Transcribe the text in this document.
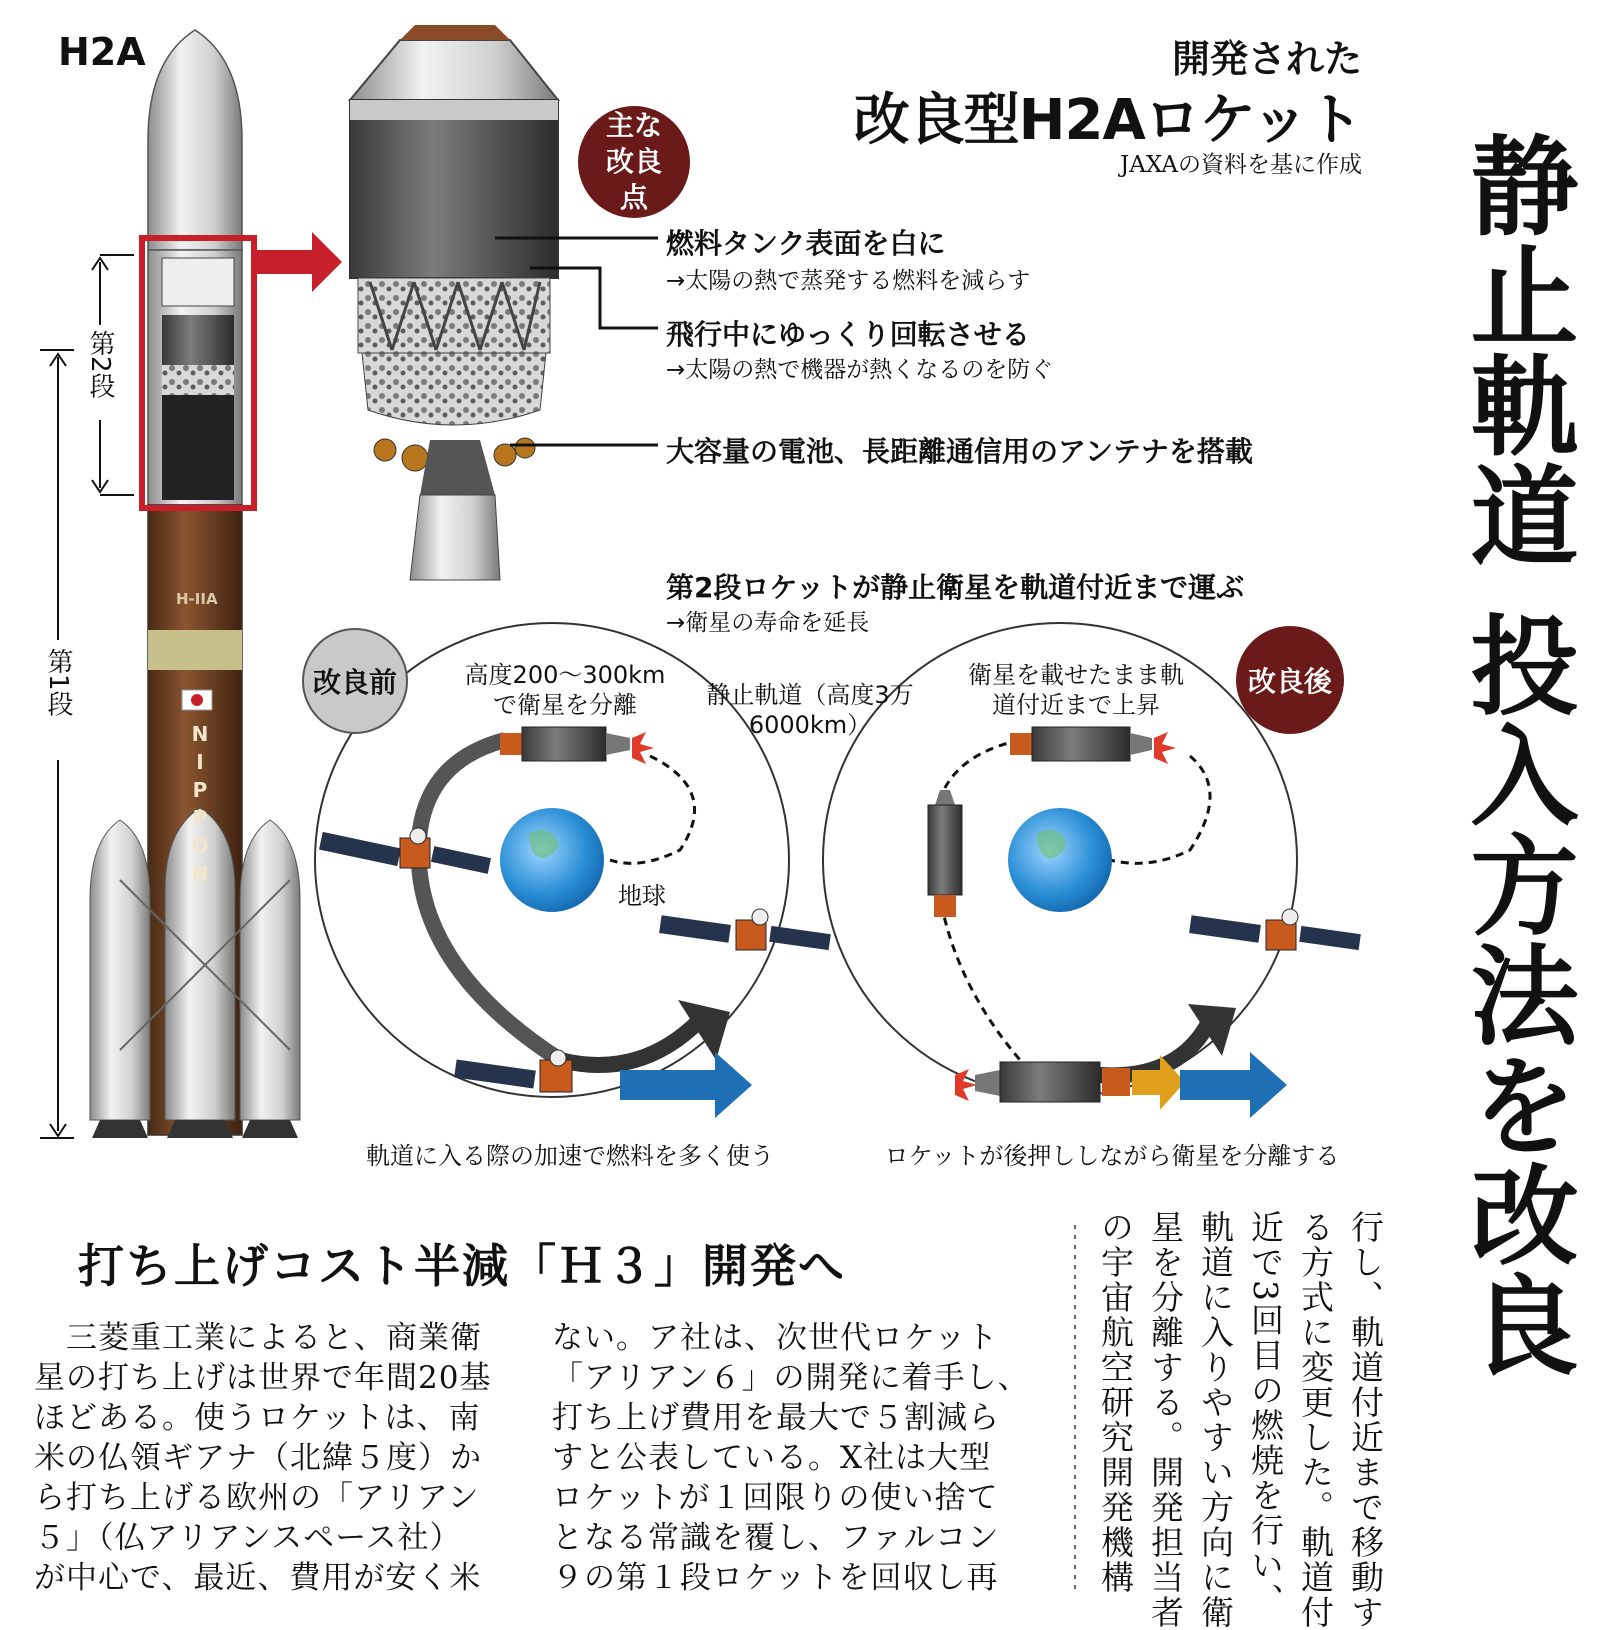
H2A
第2段
第1段
H-IIA
NIPPON
開発された
改良型H2Aロケット
JAXAの資料を基に作成
主な改良点
燃料タンク表面を白に
→太陽の熱で蒸発する燃料を減らす
飛行中にゆっくり回転させる
→太陽の熱で機器が熱くなるのを防ぐ
大容量の電池、長距離通信用のアンテナを搭載
第2段ロケットが静止衛星を軌道付近まで運ぶ
→衛星の寿命を延長
改良前	高度200～300kmで衛星を分離	静止軌道（高度3万6000km）
地球
軌道に入る際の加速で燃料を多く使う
改良後
衛星を載せたまま軌道付近まで上昇
ロケットが後押ししながら衛星を分離する 静止軌道 投入方法を改良
行し、軌道付近まで移動す
る方式に変更した。軌道付
近で3回目の燃焼を行い、
軌道に入りやすい方向に衛
星を分離する。開発担当者
の宇宙航空研究開発機構
打ち上げコスト半減「Ｈ３」開発へ
　三菱重工業によると、商業衛
星の打ち上げは世界で年間20基
ほどある。使うロケットは、南
米の仏領ギアナ（北緯５度）か
ら打ち上げる欧州の「アリアン
５」（仏アリアンスペース社）
が中心で、最近、費用が安く米
ない。ア社は、次世代ロケット
「アリアン６」の開発に着手し、
打ち上げ費用を最大で５割減ら
すと公表している。X社は大型
ロケットが１回限りの使い捨て
となる常識を覆し、ファルコン
９の第１段ロケットを回収し再
